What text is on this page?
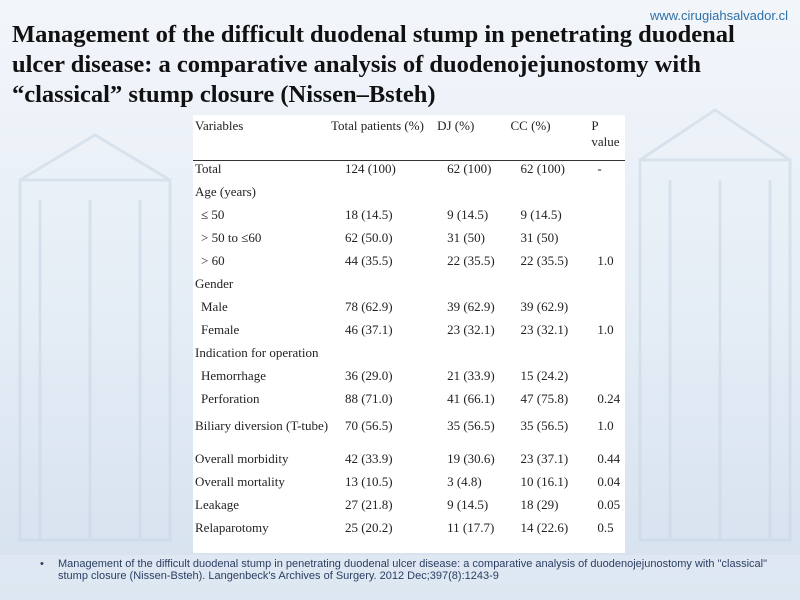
www.cirugiahsalvador.cl
Management of the difficult duodenal stump in penetrating duodenal ulcer disease: a comparative analysis of duodenojejunostomy with “classical” stump closure (Nissen–Bsteh)
Variables	Total patients (%)	DJ (%)	CC (%)	P value

Total	124 (100)	62 (100)	62 (100)	-
Age (years)				
≤ 50	18 (14.5)	9 (14.5)	9 (14.5)	
> 50 to ≤60	62 (50.0)	31 (50)	31 (50)	
> 60	44 (35.5)	22 (35.5)	22 (35.5)	1.0
Gender				
Male	78 (62.9)	39 (62.9)	39 (62.9)	
Female	46 (37.1)	23 (32.1)	23 (32.1)	1.0
Indication for operation				
Hemorrhage	36 (29.0)	21 (33.9)	15 (24.2)	
Perforation	88 (71.0)	41 (66.1)	47 (75.8)	0.24
Biliary diversion (T-tube)	70 (56.5)	35 (56.5)	35 (56.5)	1.0
Overall morbidity	42 (33.9)	19 (30.6)	23 (37.1)	0.44
Overall mortality	13 (10.5)	3 (4.8)	10 (16.1)	0.04
Leakage	27 (21.8)	9 (14.5)	18 (29)	0.05
Relaparotomy	25 (20.2)	11 (17.7)	14 (22.6)	0.5
• Management of the difficult duodenal stump in penetrating duodenal ulcer disease: a comparative analysis of duodenojejunostomy with "classical" stump closure (Nissen-Bsteh). Langenbeck's Archives of Surgery. 2012 Dec;397(8):1243-9
